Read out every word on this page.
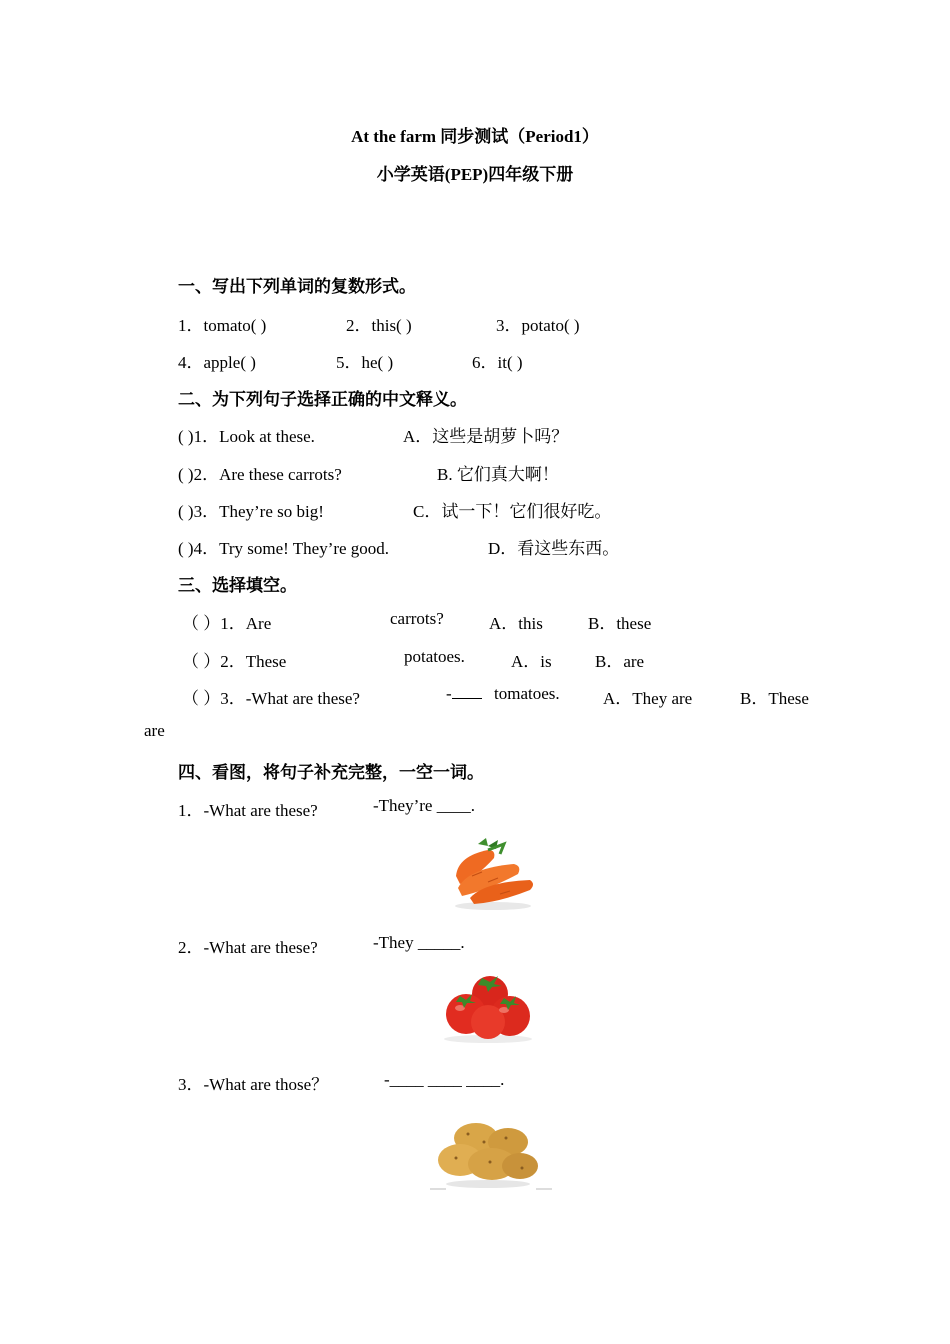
At the farm 同步测试（Period1）
小学英语(PEP)四年级下册
一、写出下列单词的复数形式。
1．tomato( )	2．this( )	3．potato( )
4．apple( )	5．he( )	6．it( )
二、为下列句子选择正确的中文释义。
( )1．Look at these.	A．这些是胡萝卜吗？
( )2．Are these carrots?	B. 它们真大啊！
( )3．They’re so big!	C．试一下！它们很好吃。
( )4．Try some! They’re good.	D．看这些东西。
三、选择填空。
（ ）1．Are	carrots?	A．this	B．these
（ ）2．These	potatoes.	A．is	B．are
（ ）3．-What are these?	-	tomatoes.	A．They are	B．These
are
四、看图，将句子补充完整，一空一词。
1．-What are these?	-They’re ____.
2．-What are these?	-They _____.
3．-What are those？	-____ ____ ____.
